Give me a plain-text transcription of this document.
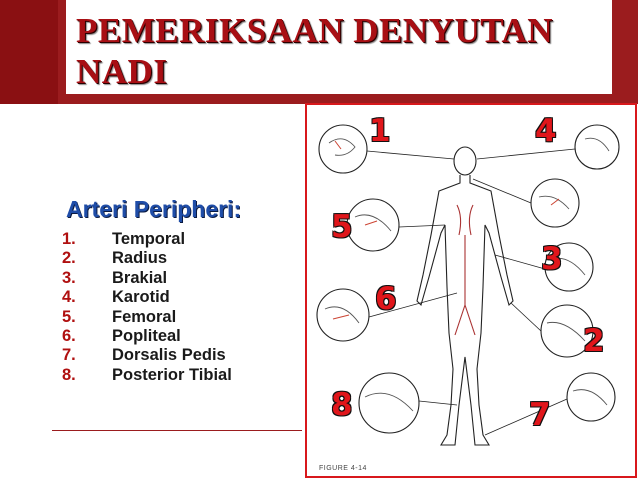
PEMERIKSAAN DENYUTAN NADI
Arteri Peripheri:
1. Temporal
2. Radius
3. Brakial
4. Karotid
5. Femoral
6. Popliteal
7. Dorsalis Pedis
8. Posterior Tibial
1	4
5
3
6
2
8	7
FIGURE 4-14
